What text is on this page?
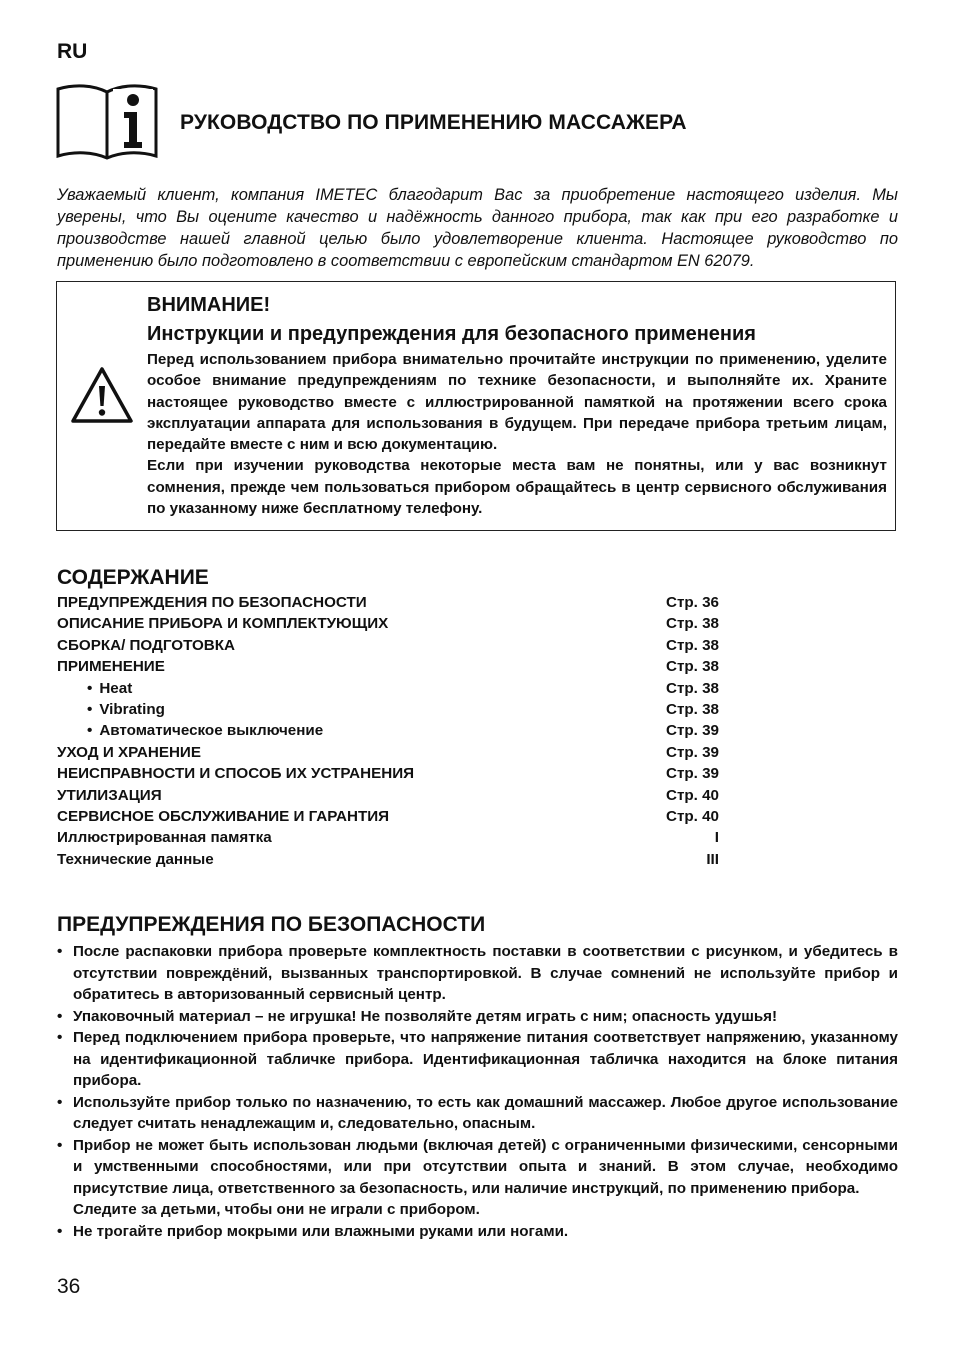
RU
РУКОВОДСТВО ПО ПРИМЕНЕНИЮ МАССАЖЕРА
Уважаемый клиент, компания IMETEC благодарит Вас за приобретение настоящего изделия. Мы уверены, что Вы оцените качество и надёжность данного прибора, так как при его разработке и производстве нашей главной целью было удовлетворение клиента. Настоящее руководство по применению было подготовлено в соответствии с европейским стандартом EN 62079.
ВНИМАНИЕ!
Инструкции и предупреждения для безопасного применения

Перед использованием прибора внимательно прочитайте инструкции по применению, уделите особое внимание предупреждениям по технике безопасности, и выполняйте их. Храните настоящее руководство вместе с иллюстрированной памяткой на протяжении всего срока эксплуатации аппарата для использования в будущем. При передаче прибора третьим лицам, передайте вместе с ним и всю документацию.

Если при изучении руководства некоторые места вам не понятны, или у вас возникнут сомнения, прежде чем пользоваться прибором обращайтесь в центр сервисного обслуживания по указанному ниже бесплатному телефону.

СОДЕРЖАНИЕ
ПРЕДУПРЕЖДЕНИЯ ПО БЕЗОПАСНОСТИ	Стр. 36
ОПИСАНИЕ ПРИБОРА И КОМПЛЕКТУЮЩИХ	Стр. 38
СБОРКА/ ПОДГОТОВКА	Стр. 38
ПРИМЕНЕНИЕ	Стр. 38
• Heat	Стр. 38
• Vibrating	Стр. 38
• Автоматическое выключение	Стр. 39
УХОД И ХРАНЕНИЕ	Стр. 39
НЕИСПРАВНОСТИ И СПОСОБ ИХ УСТРАНЕНИЯ	Стр. 39
УТИЛИЗАЦИЯ	Стр. 40
СЕРВИСНОЕ ОБСЛУЖИВАНИЕ И ГАРАНТИЯ	Стр. 40
Иллюстрированная памятка	I
Технические данные	III
ПРЕДУПРЕЖДЕНИЯ ПО БЕЗОПАСНОСТИ
• После распаковки прибора проверьте комплектность поставки в соответствии с рисунком, и убедитесь в отсутствии повреждёний, вызванных транспортировкой. В случае сомнений не используйте прибор и обратитесь в авторизованный сервисный центр.
• Упаковочный материал – не игрушка! Не позволяйте детям играть с ним; опасность удушья!
• Перед подключением прибора проверьте, что напряжение питания соответствует напряжению, указанному на идентификационной табличке прибора. Идентификационная табличка находится на блоке питания прибора.
• Используйте прибор только по назначению, то есть как домашний массажер. Любое другое использование следует считать ненадлежащим и, следовательно, опасным.
• Прибор не может быть использован людьми (включая детей) с ограниченными физическими, сенсорными и умственными способностями, или при отсутствии опыта и знаний. В этом случае, необходимо присутствие лица, ответственного за безопасность, или наличие инструкций, по применению прибора.
Следите за детьми, чтобы они не играли с прибором.
• Не трогайте прибор мокрыми или влажными руками или ногами.
36
